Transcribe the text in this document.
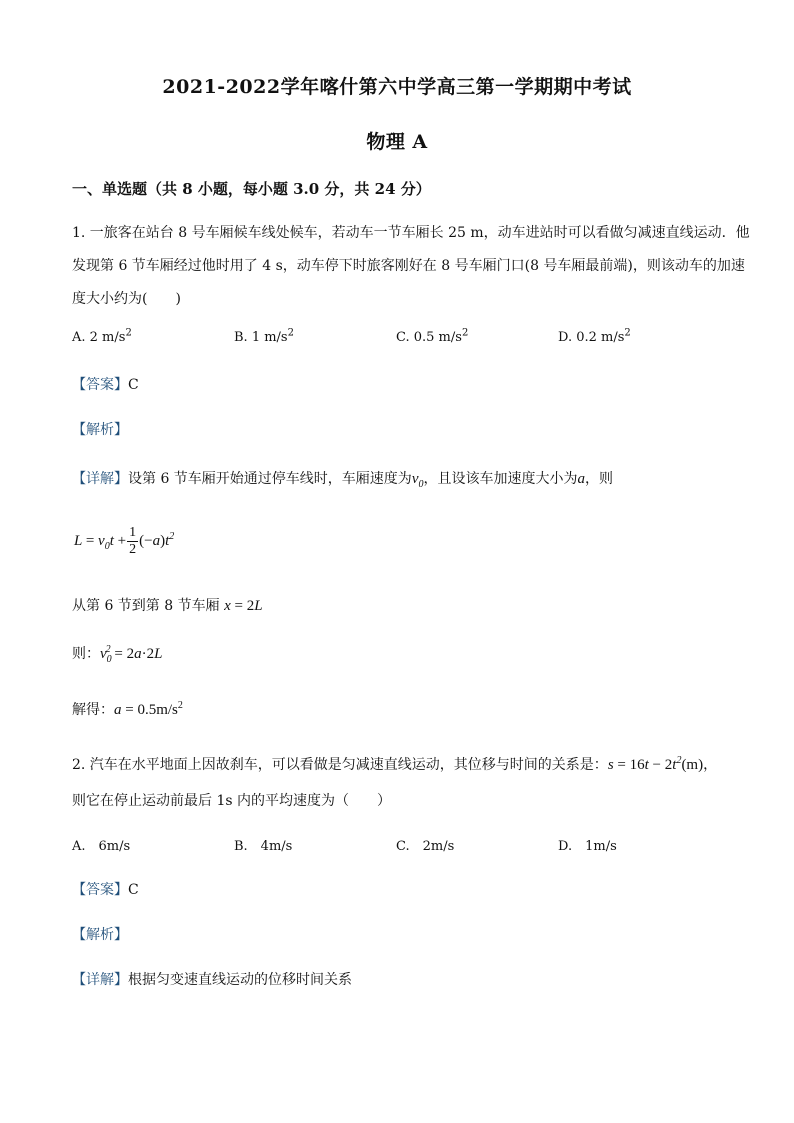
2021-2022学年喀什第六中学高三第一学期期中考试
物理 A
一、单选题（共 8 小题，每小题 3.0 分，共 24 分）
1. 一旅客在站台 8 号车厢候车线处候车，若动车一节车厢长 25 m，动车进站时可以看做匀减速直线运动．他
发现第 6 节车厢经过他时用了 4 s，动车停下时旅客刚好在 8 号车厢门口(8 号车厢最前端)，则该动车的加速
度大小约为(　　)
A. 2 $m/s^2$	B. 1 $m/s^2$	C. 0.5 $m/s^2$	D. 0.2 $m/s^2$
【答案】C
【解析】
【详解】设第 6 节车厢开始通过停车线时，车厢速度为$v_0$，且设该车加速度大小为a，则
$L = v_0t + \frac{1}{2} (-a)t^2$
从第 6 节到第 8 节车厢 x = 2L
则：$v_0^2 = 2a\cdot 2L$
解得：$a = 0.5m/s^2$
2. 汽车在水平地面上因故刹车，可以看做是匀减速直线运动，其位移与时间的关系是：$s = 16t - 2t^2(m)$，
则它在停止运动前最后 1s 内的平均速度为（　　）
A.　6m/s	B.　4m/s	C.　2m/s	D.　1m/s
【答案】C
【解析】
【详解】根据匀变速直线运动的位移时间关系
